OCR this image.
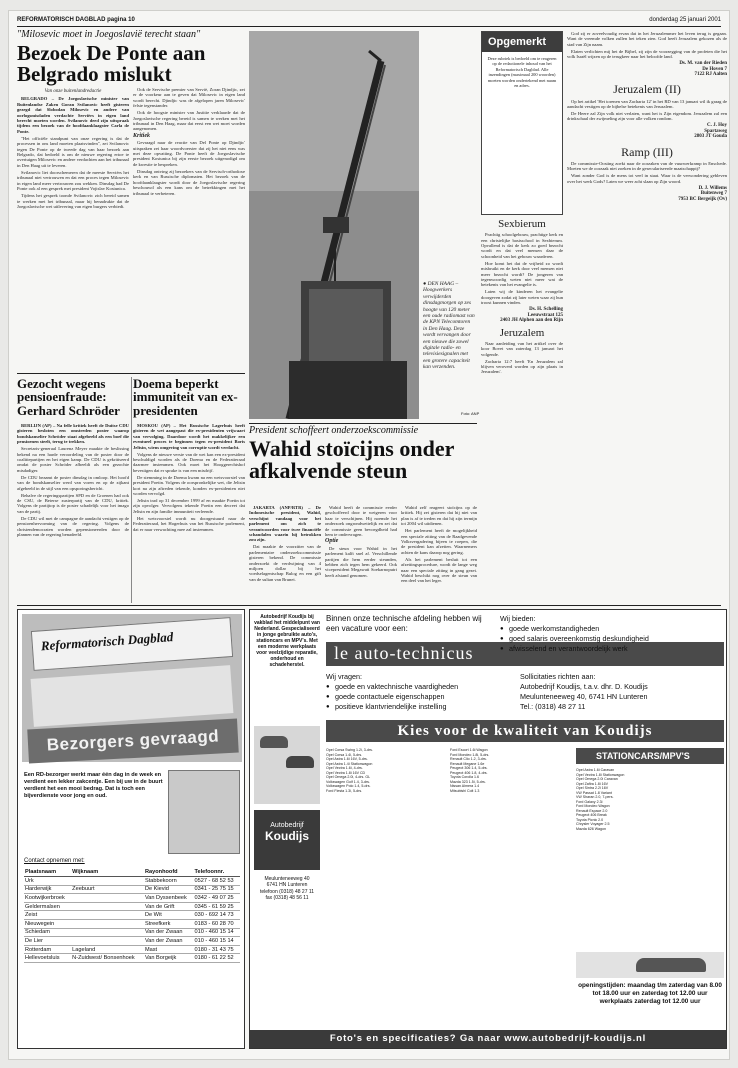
REFORMATORISCH DAGBLAD pagina 10	donderdag 25 januari 2001
"Milosevic moet in Joegoslavië terecht staan"
Bezoek De Ponte aan Belgrado mislukt
Van onze buitenlandredactie

BELGRADO – De Joegoslavische minister van Buitenlandse Zaken Goran Svilanovic heeft gisteren gezegd dat Slobodan Milosevic en andere van oorlogsmisdaden verdachte Serviërs in eigen land berecht moeten worden. Svilanovic deed zijn uitspraak tijdens een bezoek van de hoofdaanklaagster Carla de Ponte.

"Het officiële standpunt van onze regering is dat de processen in ons land moeten plaatsvinden", zei Svilanovic tegen De Ponte op de tweede dag van haar bezoek aan Belgrado, dat bedoeld is om de nieuwe regering ertoe te overtuigen Milosevic en andere verdachten aan het tribunaal in Den Haag uit te leveren.

Svilanovic liet doorschemeren dat de meeste Serviërs het tribunaal niet vertrouwen en dat een proces tegen Milosevic in eigen land meer vertrouwen zou wekken. Dinsdag had De Ponte ook al een gesprek met president Vojislav Kostunica.

Tijdens het gesprek toonde Svilanovic zich bereid samen te werken met het tribunaal, maar hij benadrukte dat de Joegoslavische wet uitlevering van eigen burgers verbiedt.

Ook de Servische premier van Servië, Zoran Djindjic, zei er de voorkeur aan te geven dat Milosevic in eigen land wordt berecht. Djindjic was de afgelopen jaren Milosevic' felste tegenstander.

Ook de hoogste minister van Justitie verklaarde dat de Joegoslavische regering bereid is samen te werken met het tribunaal in Den Haag, maar dat eerst een wet moet worden aangenomen.

Kritiek

Gevraagd naar de reactie van Del Ponte op Djindjic' uitspraken zei haar woordvoerster dat zij het niet eens was met deze opvatting. De Ponte heeft de Joegoslavische president Kostunica bij zijn eerste bezoek uitgenodigd om de kwestie te bespreken.

Dinsdag ontving zij bezoekers van de Servisch-orthodoxe kerk en van Russische diplomaten. Het bezoek van de hoofdaanklaagster wordt door de Joegoslavische regering beschouwd als een kans om de betrekkingen met het tribunaal te verbeteren.

Gezocht wegens pensioenfraude: Gerhard Schröder

BERLIJN (AP) – Na felle kritiek heeft de Duitse CDU gisteren besloten een omstreden poster waarop bondskanselier Schröder staat afgebeeld als een boef die pensioenen steelt, terug te trekken.

Secretaris-generaal Laurenz Meyer maakte de beslissing bekend na een harde veroordeling van de poster door de coalitiepartijen en het eigen kamp. De CDU is gekritiseerd omdat de poster Schröder afbeeldt als een gezochte misdadiger.

De CDU beaamt de poster dinsdag in omloop. Het hoofd van de bondskanselier werd van voren en op de zijkant afgebeeld in de stijl van een opsporingsbericht.

Behalve de regeringspartijen SPD en de Groenen had ook de CSU, de Beierse zusterpartij van de CDU, kritiek. Volgens de partijtop is de poster schadelijk voor het imago van de partij.

De CDU wil met de campagne de aandacht vestigen op de pensioenhervorming van de regering. Volgens de christendemocraten worden gepensioneerden door de plannen van de regering benadeeld.

Doema beperkt immuniteit van ex-presidenten

MOSKOU (AP) – Het Russische Lagerhuis heeft gisteren de wet aangepast die ex-presidenten vrijwaart van vervolging. Daardoor wordt het makkelijker een eventueel proces te beginnen tegen ex-president Boris Jeltsin, wiens omgeving van corruptie wordt verdacht.

Volgens de nieuwe versie van de wet kan een ex-president beschuldigd worden als de Doema en de Federatieraad daarmee instemmen. Ook moet het Hooggerechtshof bevestigen dat er sprake is van een misdrijf.

De stemming in de Doema kwam na een wetsvoorstel van president Poetin. Volgens de oorspronkelijke wet, die Jeltsin kort na zijn aftreden tekende, konden ex-presidenten niet worden vervolgd.

Jeltsin trad op 31 december 1999 af en maakte Poetin tot zijn opvolger. Vervolgens tekende Poetin een decreet dat Jeltsin en zijn familie immuniteit verleende.

Het wetsvoorstel wordt nu doorgestuurd naar de Federatieraad, het Hogerhuis van het Russische parlement, dat er naar verwachting mee zal instemmen.

● DEN HAAG – Hoogwerkers verwijderden dinsdagmorgen op zes hoogte van 120 meter een oude radiomast van de KPN Telecomtoren in Den Haag. Deze wordt vervangen door een nieuwe die zowel digitale radio- en televisiesignalen met een grotere capaciteit kan verzenden.
Foto: ANP
President schoffeert onderzoekscommissie
Wahid stoïcijns onder afkalvende steun

JAKARTA (ANP/RTR) – De Indonesische president, Wahid, verschijnt vandaag voor het parlement om zich te verantwoorden voor twee financiële schandalen waarin hij betrokken zou zijn.

Dat maakte de voorzitter van de parlementaire onderzoekscommissie gisteren bekend. De commissie onderzoekt de verdwijning van 4 miljoen dollar bij het voedselagentschap Bulog en een gift van de sultan van Brunei.

Wahid heeft de commissie eerder geschoffeerd door te weigeren voor haar te verschijnen. Hij noemde het onderzoek ongrondwettelijk en zei dat de commissie geen bevoegdheid had hem te ondervragen.

Optie

De steun voor Wahid in het parlement kalft snel af. Verschillende partijen die hem eerder steunden, hebben zich tegen hem gekeerd. Ook vicepresident Megawati Soekarnoputri heeft afstand genomen.

Wahid zelf reageert stoïcijns op de kritiek. Hij zei gisteren dat hij niet van plan is af te treden en dat hij zijn termijn tot 2004 wil uitdienen.

Het parlement heeft de mogelijkheid een speciale zitting van de Raadgevende Volksvergadering bijeen te roepen, die de president kan afzetten. Waarnemers achten de kans daarop nog gering.

Als het parlement besluit tot een afzettingsprocedure, wordt de lange weg naar een speciale zitting in gang gezet. Wahid beschikt nog over de steun van een deel van het leger.

Opgemerkt
Deze rubriek is bedoeld om te reageren op de redactionele inhoud van het Reformatorisch Dagblad. Alle inzendingen (maximaal 200 woorden) moeten worden ondertekend met naam en adres.
Sexbierum

Prachtig schoolgebouw, prachtige kerk en een christelijke basisschool in Sexbierum. Opvallend is dat de kerk zo goed bezocht wordt en dat veel mensen daar de schoonheid van het gebouw waarderen.

Hoe komt het dat de vrijheid zo wordt misbruikt en de kerk door veel mensen niet meer bezocht wordt? De jongeren van tegenwoordig weten niet meer wat de betekenis van het evangelie is.

Laten wij de kinderen het evangelie doorgeven zodat zij later weten waar zij hun troost kunnen vinden.

Ds. H. Schelling
Leeuwstraat 125
2403 JH Alphen aan den Rijn
Jeruzalem

Naar aanleiding van het artikel over de koor Bovet van zaterdag 13 januari het volgende.

Zacharia 12:7 heeft 'En Jeruzalem zal blijven veroverd worden op zijn plaats in Jeruzalem'.

God zij er zoveelvoudig ervan dat in het Jeruzalemmer het leven terug is gegaan. Want de vreemde volken zullen het teken zien. God heeft Jeruzalem gekozen als de stad van Zijn naam.

Elaten verlichten mij het de Bijbel, zij zijn de voorzegging van de profeten die het volk Israël wijzen op de terugkeer naar het beloofde land.

Ds. M. van der Rieden
De Hoven 7
7122 RJ Aalten
Jeruzalem (II)

Op het artikel 'Het torenen van Zacharia 12' in het RD van 13 januari wil ik graag de aandacht vestigen op de bijbelse betekenis van Jeruzalem.

De Heere zal Zijn volk niet verlaten, want het is Zijn eigendom. Jeruzalem zal een drinkschaal der zwijmeling zijn voor alle volken rondom.

C. J. Hoy
Spartaweg
2803 JT Gouda
Ramp (III)

De commissie-Oosting zoekt naar de oorzaken van de vuurwerkramp in Enschede. Moeten we de oorzaak niet zoeken in de geseculariseerde maatschappij?

Want zonder God is de mens tot veel in staat. Waar is de verwondering gebleven over het werk Gods? Laten we weer acht slaan op Zijn woord.

D. J. Willems
Buitenweg 7
7953 BC Bergeijk (Ov)
Reformatorisch Dagblad
Bezorgers gevraagd
Een RD-bezorger werkt maar één dag in de week en verdient een lekker zakcentje. Een bij uw in de buurt verdient het een mooi bedrag. Dat is toch een bijverdienste voor jong en oud.
Contact opnemen met:
Plaatsnaam	Wijknaam	Rayonhoofd	Telefoonnr.
Urk		Stabbekoorn	0527 - 68 52 53
Harderwijk	Zeebuurt	De Kievid	0341 - 25 75 15
Kootwijkerbroek		Van Dyssenbeek	0342 - 49 07 25
Geldermalsen		Van de Grift	0345 - 61 59 25
Zeist		De Wit	030 - 692 14 73
Nieuwegein		Streefkerk	0183 - 60 28 70
Schiedam		Van der Zwaan	010 - 460 15 14
De Lier		Van der Zwaan	010 - 460 15 14
Rotterdam	Lageland	Mast	0180 - 31 43 75
Hellevoetsluis	N-Zuidwest/ Bonsenhoek	Van Borgeijk	0180 - 61 22 52
Autobedrijf Koudijs bij vakblad het middelpunt van Nederland. Gespecialiseerd in jonge gebruikte auto's, stationcars en MPV's. Met een moderne werkplaats voor veelzijdige reparatie, onderhoud en schadeherstel.
Autobedrijf
Koudijs
Meulunteneeweg 40
6741 HN Lunteren
telefoon (0318) 48 27 11
fax (0318) 48 56 11
Binnen onze technische afdeling hebben wij een vacature voor een:
le auto-technicus
Wij vragen:
● goede en vaktechnische vaardigheden
● goede contactuele eigenschappen
● positieve klantvriendelijke instelling
Wij bieden:
● goede werkomstandigheden
● goed salaris overeenkomstig deskundigheid
● afwisselend en verantwoordelijk werk
Sollicitaties richten aan:
Autobedrijf Koudijs, t.a.v. dhr. D. Koudijs
Meulunteneeweg 40, 6741 HN Lunteren
Tel.: (0318) 48 27 11
Kies voor de kwaliteit van Koudijs
Opel Corsa Swing 1.2i, 3-drs.
Opel Corsa 1.4i, 5-drs.
Opel Astra 1.6i 16V, 5-drs.
Opel Astra 1.4i Stationwagon
Opel Vectra 1.6i, 4-drs.
Opel Vectra 1.8i 16V CD
Opel Omega 2.0i, 4-drs. GL
Volkswagen Golf 1.4, 3-drs.
Volkswagen Polo 1.4, 5-drs.
Ford Fiesta 1.3i, 5-drs.
Ford Escort 1.6i Wagon
Ford Mondeo 1.8i, 5-drs.
Renault Clio 1.2, 3-drs.
Renault Megane 1.6e
Peugeot 306 1.4, 5-drs.
Peugeot 406 1.8, 4-drs.
Toyota Corolla 1.6
Mazda 323 1.5i, 5-drs.
Nissan Almera 1.4
Mitsubishi Colt 1.3
STATIONCARS/MPV'S
Opel Astra 1.6i Caravan
Opel Vectra 1.8i Stationwagon
Opel Omega 2.0i Caravan
Opel Zafira 1.8i 16V
Opel Sintra 2.2i 16V
VW Passat 1.8 Variant
VW Sharan 2.0, 7-pers.
Ford Galaxy 2.3i
Ford Mondeo Wagon
Renault Espace 2.0
Peugeot 406 Break
Toyota Picnic 2.0
Chrysler Voyager 2.5
Mazda 626 Wagon
openingstijden: maandag t/m zaterdag van 8.00 tot 18.00 uur en zaterdag tot 12.00 uur
werkplaats zaterdag tot 12.00 uur
Foto's en specificaties? Ga naar www.autobedrijf-koudijs.nl
